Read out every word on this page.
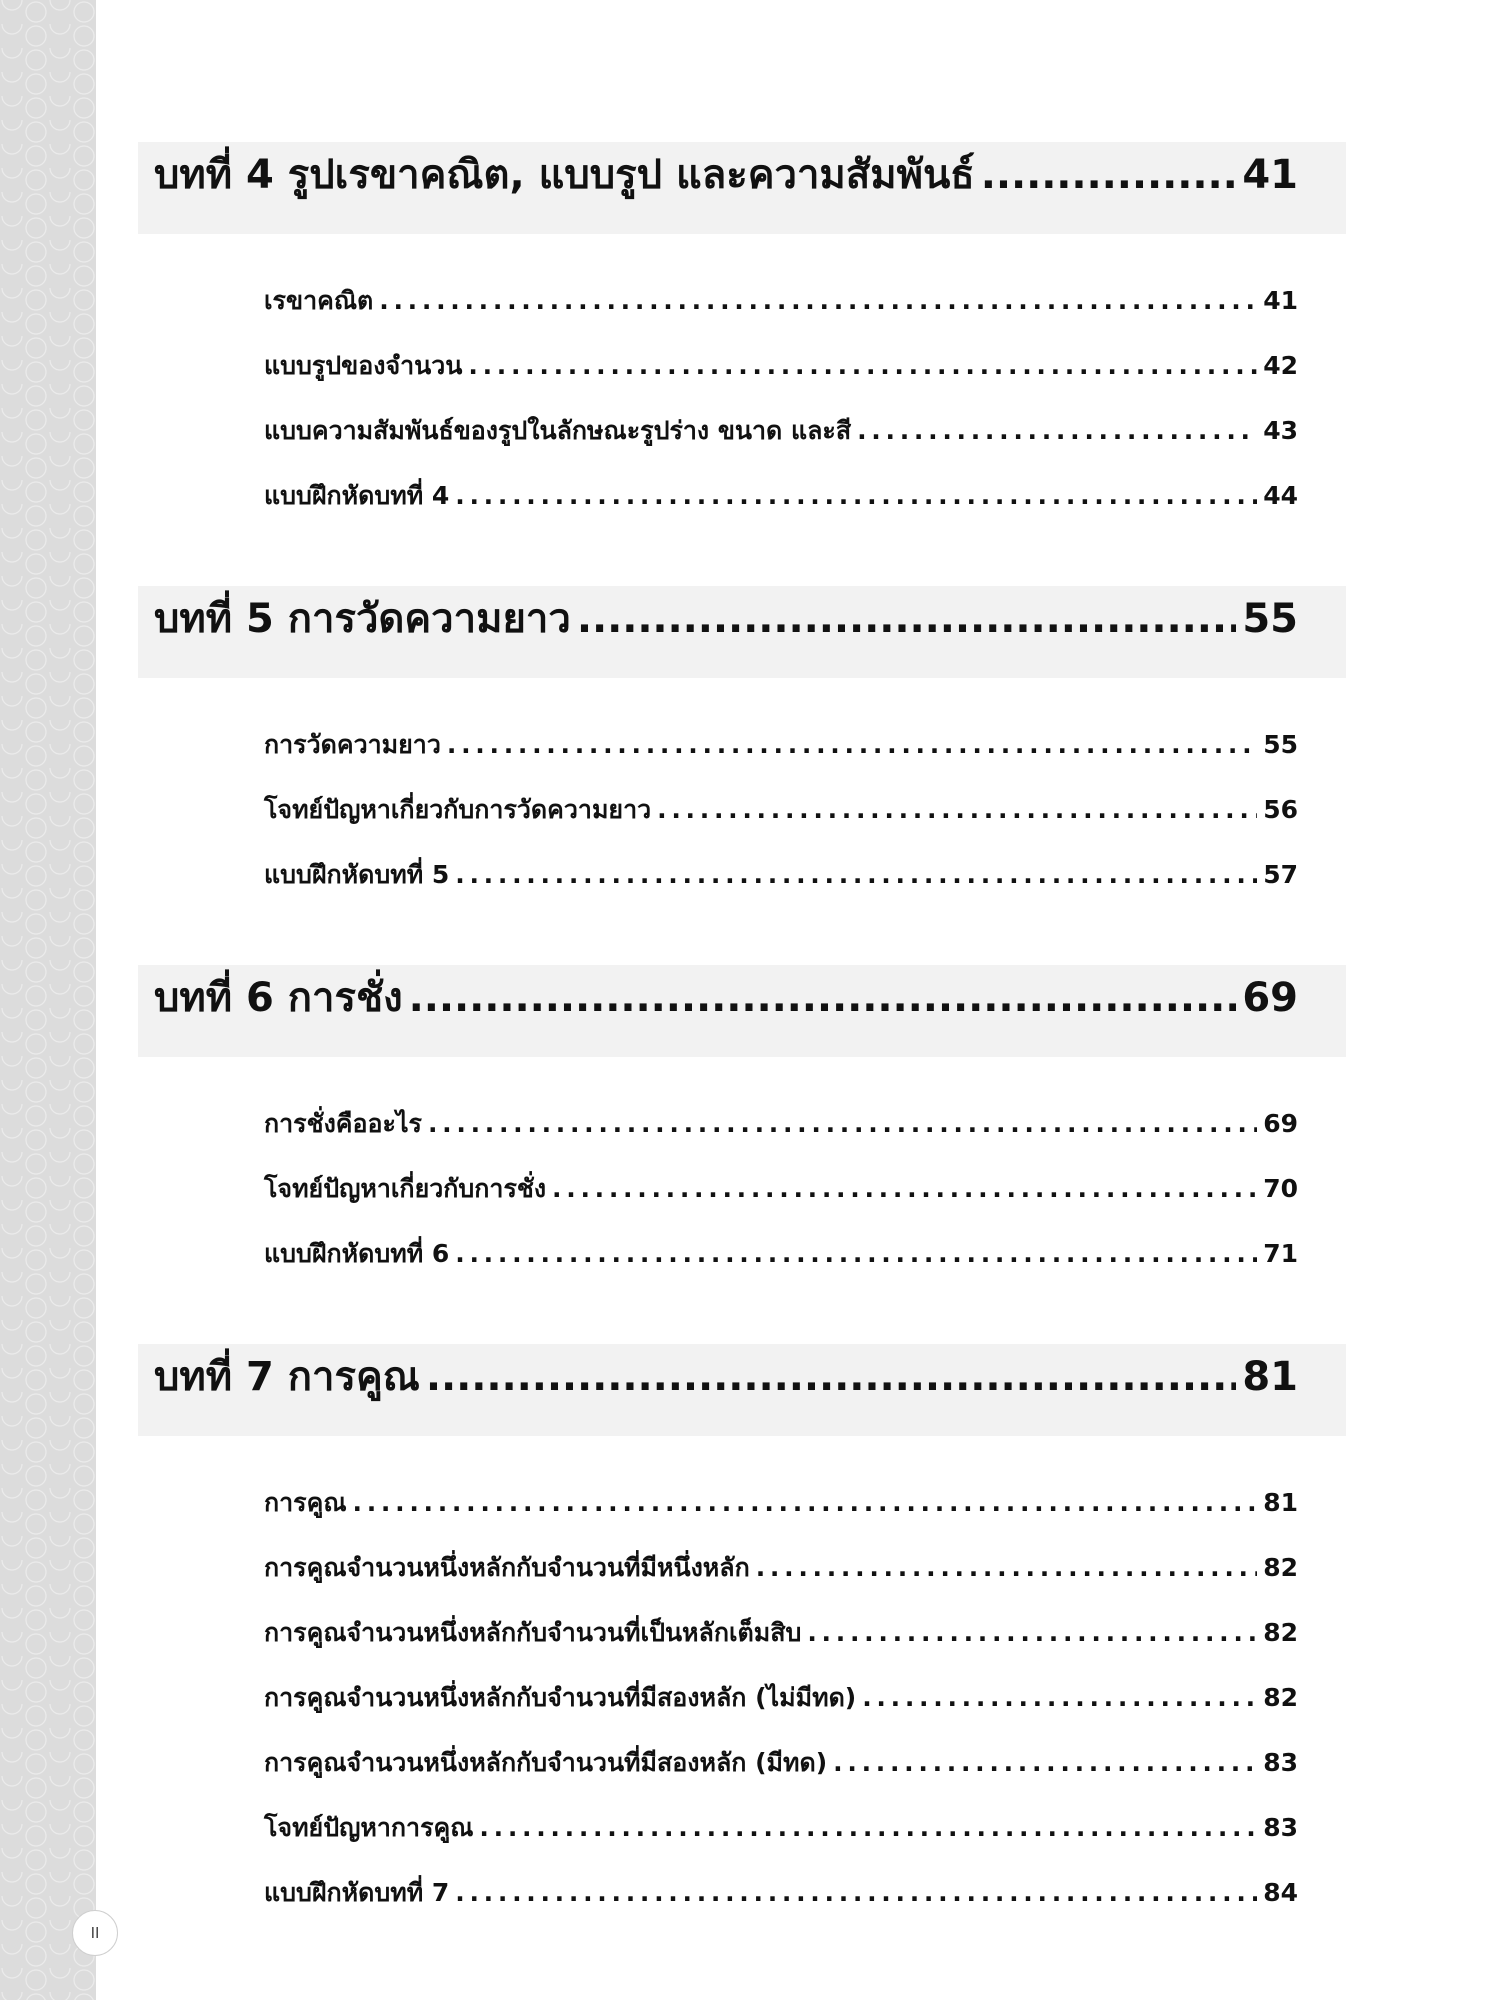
บทที่ 4 รูปเรขาคณิต, แบบรูป และความสัมพันธ์ . . .	41
เรขาคณิต . . .	41
แบบรูปของจำนวน . . .	42
แบบความสัมพันธ์ของรูปในลักษณะรูปร่าง ขนาด และสี . . .	43
แบบฝึกหัดบทที่ 4 . . .	44
บทที่ 5 การวัดความยาว . . .	55
การวัดความยาว . . .	55
โจทย์ปัญหาเกี่ยวกับการวัดความยาว . . .	56
แบบฝึกหัดบทที่ 5 . . .	57
บทที่ 6 การชั่ง . . .	69
การชั่งคืออะไร . . .	69
โจทย์ปัญหาเกี่ยวกับการชั่ง . . .	70
แบบฝึกหัดบทที่ 6 . . .	71
บทที่ 7 การคูณ . . .	81
การคูณ . . .	81
การคูณจำนวนหนึ่งหลักกับจำนวนที่มีหนึ่งหลัก . . .	82
การคูณจำนวนหนึ่งหลักกับจำนวนที่เป็นหลักเต็มสิบ . . .	82
การคูณจำนวนหนึ่งหลักกับจำนวนที่มีสองหลัก (ไม่มีทด) . . .	82
การคูณจำนวนหนึ่งหลักกับจำนวนที่มีสองหลัก (มีทด) . . .	83
โจทย์ปัญหาการคูณ . . .	83
แบบฝึกหัดบทที่ 7 . . .	84
II
